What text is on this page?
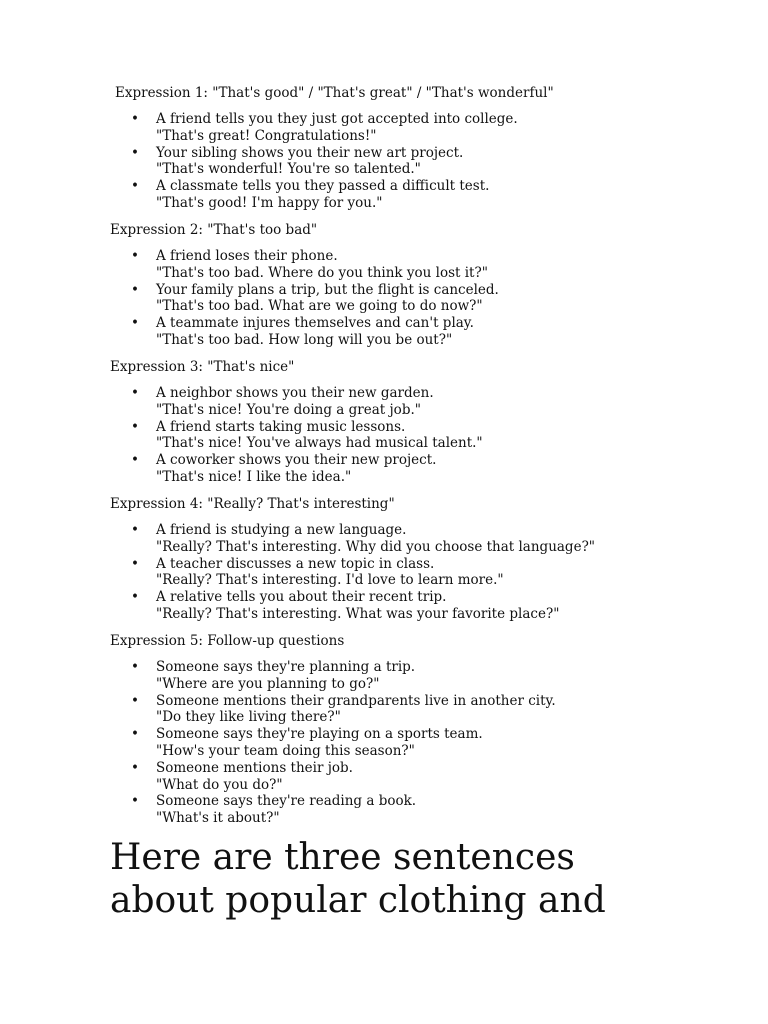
Expression 1: "That's good" / "That's great" / "That's wonderful"
• A friend tells you they just got accepted into college.
"That's great! Congratulations!"
• Your sibling shows you their new art project.
"That's wonderful! You're so talented."
• A classmate tells you they passed a difficult test.
"That's good! I'm happy for you."
Expression 2: "That's too bad"
• A friend loses their phone.
"That's too bad. Where do you think you lost it?"
• Your family plans a trip, but the flight is canceled.
"That's too bad. What are we going to do now?"
• A teammate injures themselves and can't play.
"That's too bad. How long will you be out?"
Expression 3: "That's nice"
• A neighbor shows you their new garden.
"That's nice! You're doing a great job."
• A friend starts taking music lessons.
"That's nice! You've always had musical talent."
• A coworker shows you their new project.
"That's nice! I like the idea."
Expression 4: "Really? That's interesting"
• A friend is studying a new language.
"Really? That's interesting. Why did you choose that language?"
• A teacher discusses a new topic in class.
"Really? That's interesting. I'd love to learn more."
• A relative tells you about their recent trip.
"Really? That's interesting. What was your favorite place?"
Expression 5: Follow-up questions
• Someone says they're planning a trip.
"Where are you planning to go?"
• Someone mentions their grandparents live in another city.
"Do they like living there?"
• Someone says they're playing on a sports team.
"How's your team doing this season?"
• Someone mentions their job.
"What do you do?"
• Someone says they're reading a book.
"What's it about?"
Here are three sentences
about popular clothing and
